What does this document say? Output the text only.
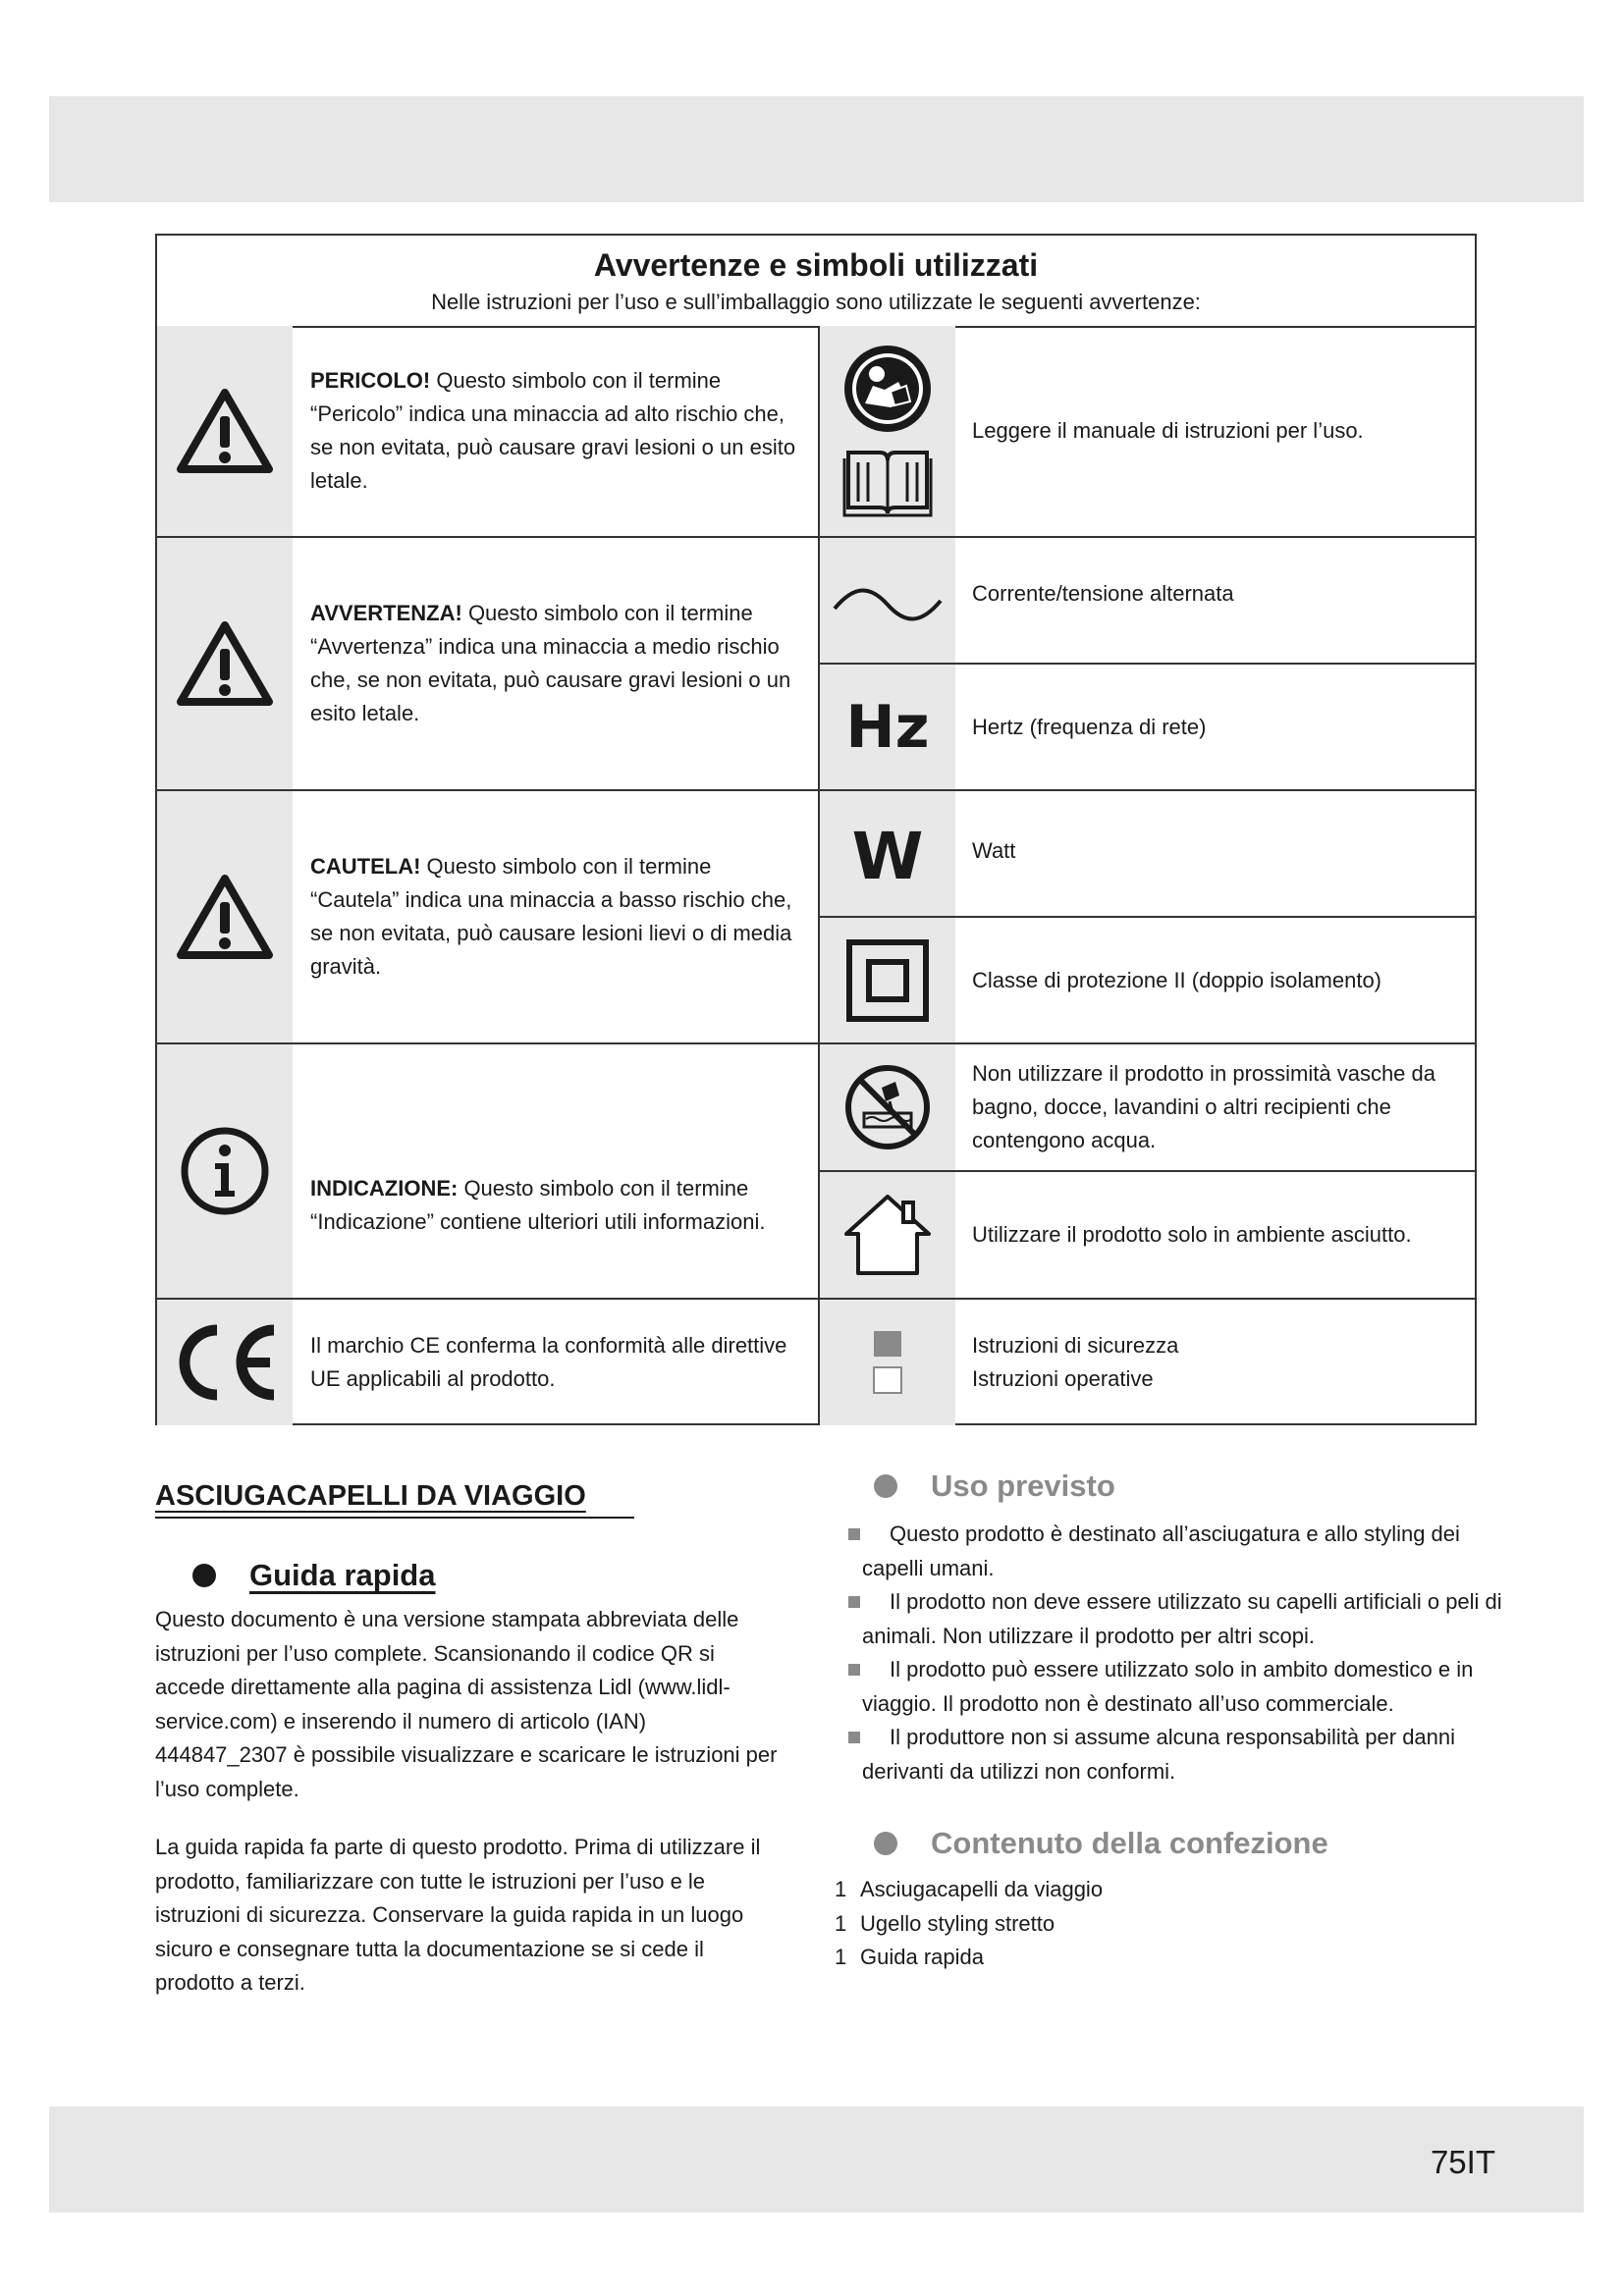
Avvertenze e simboli utilizzati
Nelle istruzioni per l’uso e sull’imballaggio sono utilizzate le seguenti avvertenze:
PERICOLO! Questo simbolo con il termine “Pericolo” indica una minaccia ad alto rischio che, se non evitata, può causare gravi lesioni o un esito letale.
AVVERTENZA! Questo simbolo con il termine “Avvertenza” indica una minaccia a medio rischio che, se non evitata, può causare gravi lesioni o un esito letale.
CAUTELA! Questo simbolo con il termine “Cautela” indica una minaccia a basso rischio che, se non evitata, può causare lesioni lievi o di media gravità.
INDICAZIONE: Questo simbolo con il termine “Indicazione” contiene ulteriori utili informazioni.
Il marchio CE conferma la conformità alle direttive UE applicabili al prodotto.
Leggere il manuale di istruzioni per l’uso.
Corrente/tensione alternata
Hz Hertz (frequenza di rete)
W Watt
Classe di protezione II (doppio isolamento)
Non utilizzare il prodotto in prossimità vasche da bagno, docce, lavandini o altri recipienti che contengono acqua.
Utilizzare il prodotto solo in ambiente asciutto.
Istruzioni di sicurezza
Istruzioni operative
ASCIUGACAPELLI DA VIAGGIO
Guida rapida

Questo documento è una versione stampata abbreviata delle istruzioni per l’uso complete. Scansionando il codice QR si accede direttamente alla pagina di assistenza Lidl (www.lidl-service.com) e inserendo il numero di articolo (IAN) 444847_2307 è possibile visualizzare e scaricare le istruzioni per l’uso complete.

La guida rapida fa parte di questo prodotto. Prima di utilizzare il prodotto, familiarizzare con tutte le istruzioni per l’uso e le istruzioni di sicurezza. Conservare la guida rapida in un luogo sicuro e consegnare tutta la documentazione se si cede il prodotto a terzi.

Uso previsto
Questo prodotto è destinato all’asciugatura e allo styling dei capelli umani.
Il prodotto non deve essere utilizzato su capelli artificiali o peli di animali. Non utilizzare il prodotto per altri scopi.
Il prodotto può essere utilizzato solo in ambito domestico e in viaggio. Il prodotto non è destinato all’uso commerciale.
Il produttore non si assume alcuna responsabilità per danni derivanti da utilizzi non conformi.
Contenuto della confezione
1 Asciugacapelli da viaggio
1 Ugello styling stretto
1 Guida rapida
75IT
